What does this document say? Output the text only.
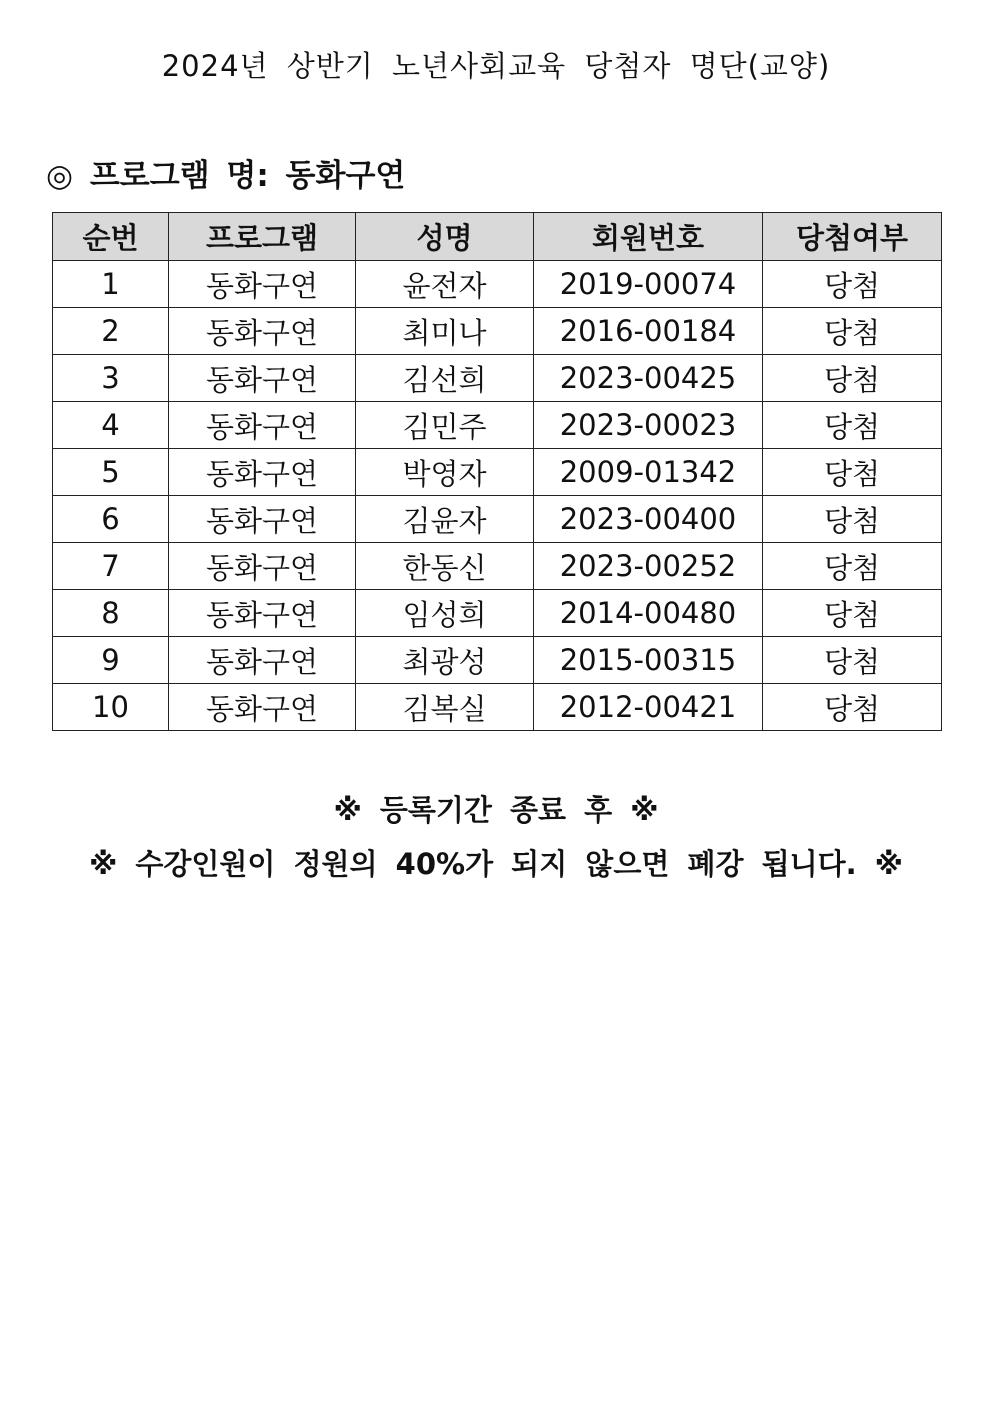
2024년 상반기 노년사회교육 당첨자 명단(교양)
◎ 프로그램 명: 동화구연
순번	프로그램	성명	회원번호	당첨여부
1	동화구연	윤전자	2019-00074	당첨
2	동화구연	최미나	2016-00184	당첨
3	동화구연	김선희	2023-00425	당첨
4	동화구연	김민주	2023-00023	당첨
5	동화구연	박영자	2009-01342	당첨
6	동화구연	김윤자	2023-00400	당첨
7	동화구연	한동신	2023-00252	당첨
8	동화구연	임성희	2014-00480	당첨
9	동화구연	최광성	2015-00315	당첨
10	동화구연	김복실	2012-00421	당첨
※ 등록기간 종료 후 ※
※ 수강인원이 정원의 40%가 되지 않으면 폐강 됩니다. ※
